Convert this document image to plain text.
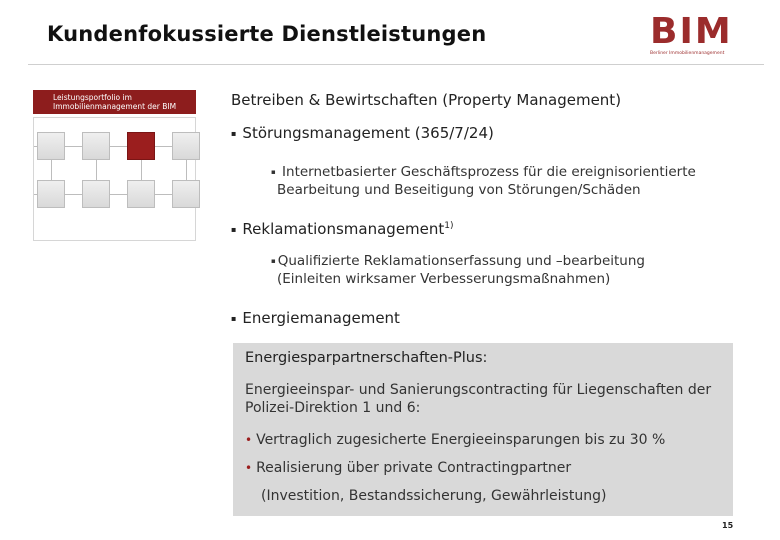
Kundenfokussierte Dienstleistungen	BIM
Berliner Immobilienmanagement
Leistungsportfolio im
Immobilienmanagement der BIM	Betreiben & Bewirtschaften (Property Management)
▪ Störungsmanagement (365/7/24)
▪ Internetbasierter Geschäftsprozess für die ereignisorientierte
Bearbeitung und Beseitigung von Störungen/Schäden
▪ Reklamationsmanagement$^{1)}$
▪ Qualifizierte Reklamationserfassung und –bearbeitung
(Einleiten wirksamer Verbesserungsmaßnahmen)
▪ Energiemanagement
Energiesparpartnerschaften-Plus:
Energieeinspar- und Sanierungscontracting für Liegenschaften der
Polizei-Direktion 1 und 6:
• Vertraglich zugesicherte Energieeinsparungen bis zu 30 %
• Realisierung über private Contractingpartner
(Investition, Bestandssicherung, Gewährleistung)
15
